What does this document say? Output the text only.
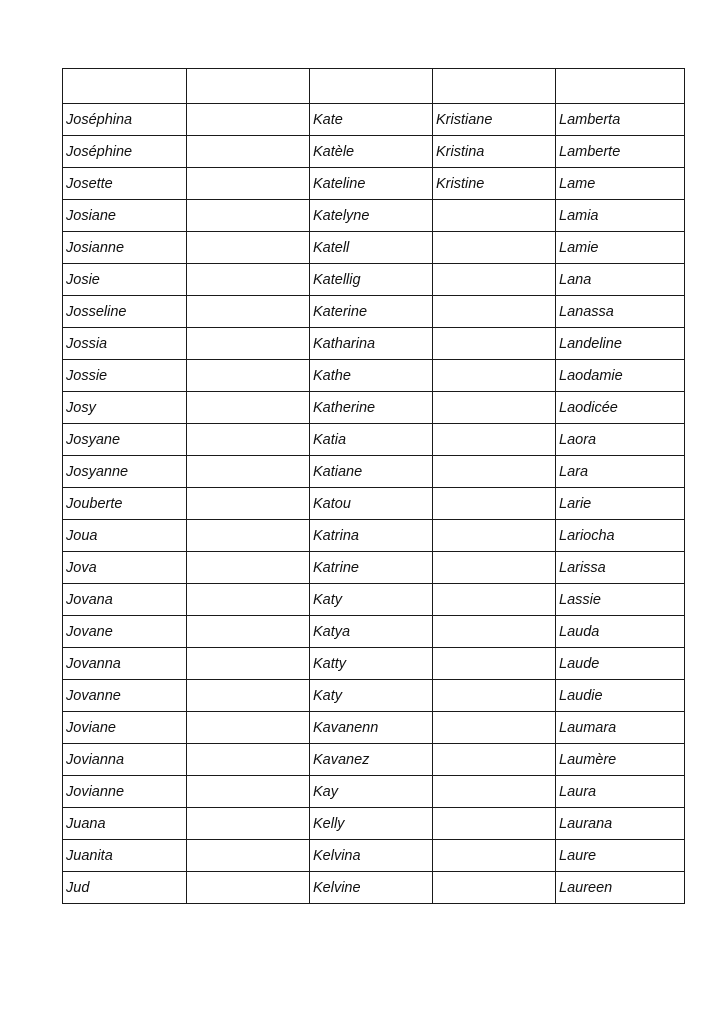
Joséphina		Kate	Kristiane	Lamberta
Joséphine		Katèle	Kristina	Lamberte
Josette		Kateline	Kristine	Lame
Josiane		Katelyne		Lamia
Josianne		Katell		Lamie
Josie		Katellig		Lana
Josseline		Katerine		Lanassa
Jossia		Katharina		Landeline
Jossie		Kathe		Laodamie
Josy		Katherine		Laodicée
Josyane		Katia		Laora
Josyanne		Katiane		Lara
Jouberte		Katou		Larie
Joua		Katrina		Lariocha
Jova		Katrine		Larissa
Jovana		Katy		Lassie
Jovane		Katya		Lauda
Jovanna		Katty		Laude
Jovanne		Katy		Laudie
Joviane		Kavanenn		Laumara
Jovianna		Kavanez		Laumère
Jovianne		Kay		Laura
Juana		Kelly		Laurana
Juanita		Kelvina		Laure
Jud		Kelvine		Laureen
